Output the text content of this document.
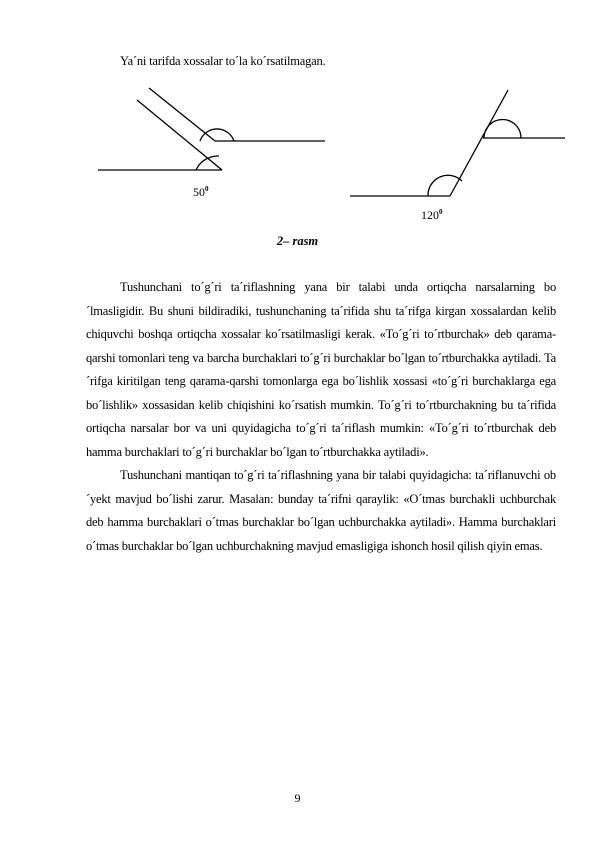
Ya´ni tarifda xossalar to´la ko´rsatilmagan.
$50^0$
$120^0$
2– rasm

Tushunchani to´g´ri ta´riflashning yana bir talabi unda ortiqcha narsalarning bo´lmasligidir. Bu shuni bildiradiki, tushunchaning ta´rifida shu ta´rifga kirgan xossalardan kelib chiquvchi boshqa ortiqcha xossalar ko´rsatilmasligi kerak. «To´g´ri to´rtburchak» deb qarama-qarshi tomonlari teng va barcha burchaklari to´g´ri burchaklar bo´lgan to´rtburchakka aytiladi. Ta´rifga kiritilgan teng qarama-qarshi tomonlarga ega bo´lishlik xossasi «to´g´ri burchaklarga ega bo´lishlik» xossasidan kelib chiqishini ko´rsatish mumkin. To´g´ri to´rtburchakning bu ta´rifida ortiqcha narsalar bor va uni quyidagicha to´g´ri ta´riflash mumkin: «To´g´ri to´rtburchak deb hamma burchaklari to´g´ri burchaklar bo´lgan to´rtburchakka aytiladi».

Tushunchani mantiqan to´g´ri ta´riflashning yana bir talabi quyidagicha: ta´riflanuvchi ob´yekt mavjud bo´lishi zarur. Masalan: bunday ta´rifni qaraylik: «O´tmas burchakli uchburchak deb hamma burchaklari o´tmas burchaklar bo´lgan uchburchakka aytiladi». Hamma burchaklari o´tmas burchaklar bo´lgan uchburchakning mavjud emasligiga ishonch hosil qilish qiyin emas.

9
